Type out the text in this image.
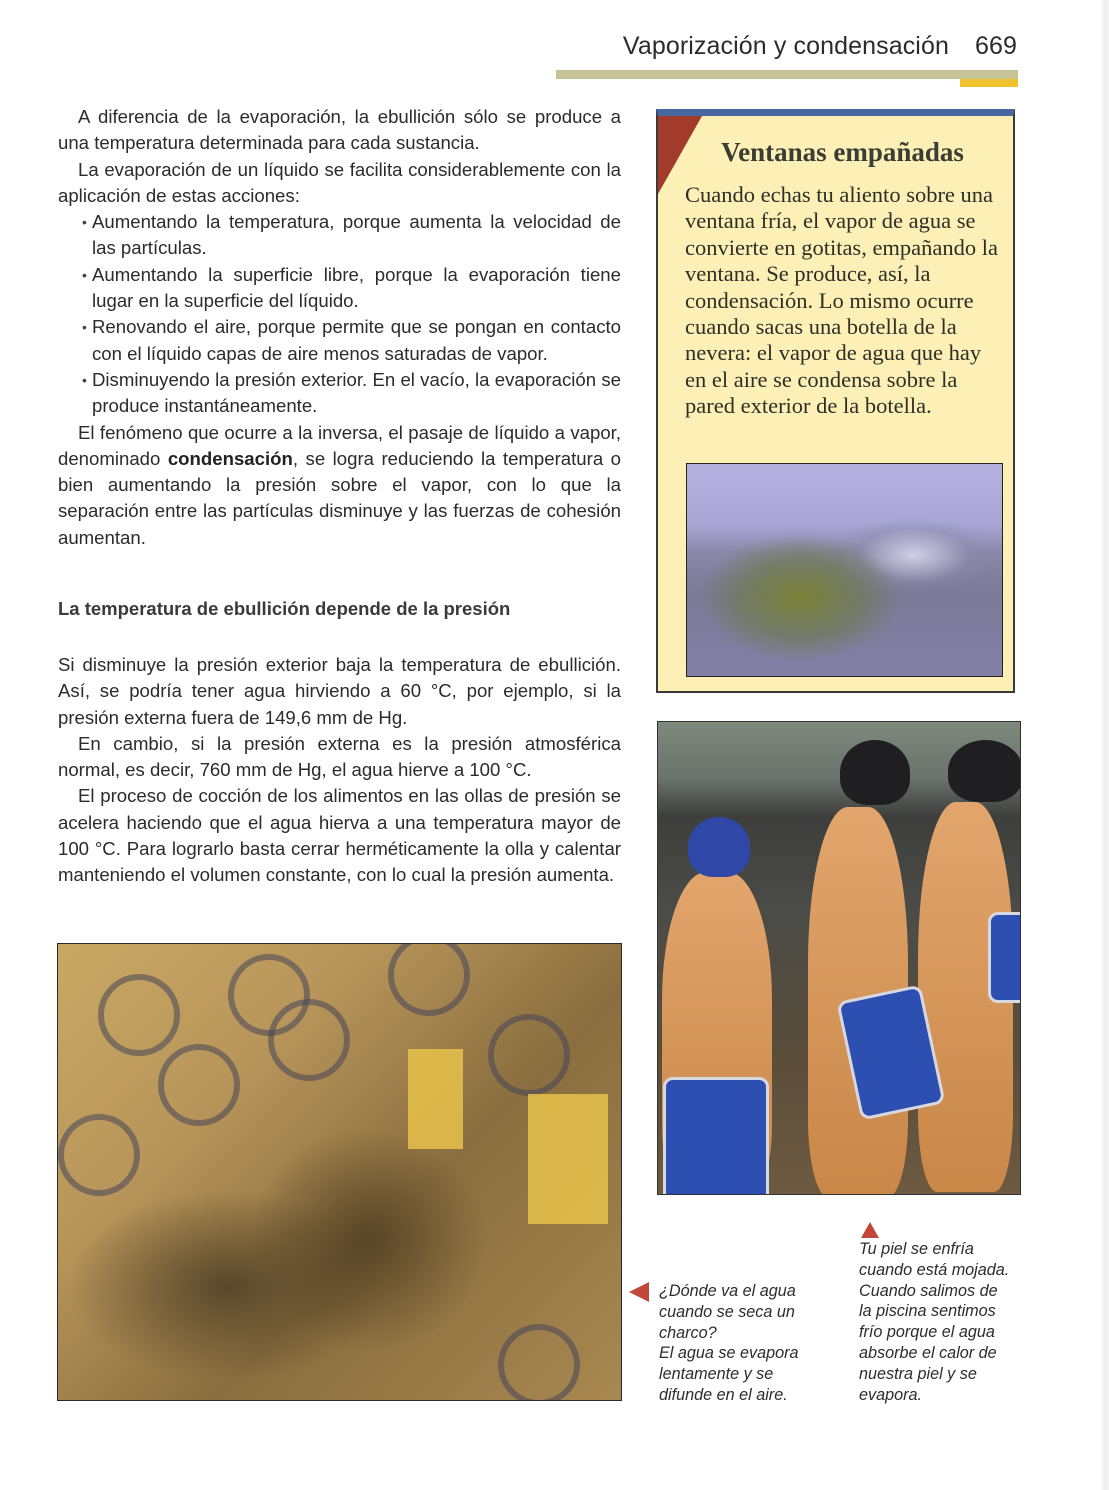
Vaporización y condensación 669

A diferencia de la evaporación, la ebullición sólo se produce a una temperatura determinada para cada sustancia.

La evaporación de un líquido se facilita considerablemente con la aplicación de estas acciones:

• Aumentando la temperatura, porque aumenta la velocidad de las partículas.
• Aumentando la superficie libre, porque la evaporación tiene lugar en la superficie del líquido.
• Renovando el aire, porque permite que se pongan en contacto con el líquido capas de aire menos saturadas de vapor.
• Disminuyendo la presión exterior. En el vacío, la evaporación se produce instantáneamente.

El fenómeno que ocurre a la inversa, el pasaje de líquido a vapor, denominado condensación, se logra reduciendo la temperatura o bien aumentando la presión sobre el vapor, con lo que la separación entre las partículas disminuye y las fuerzas de cohesión aumentan.

La temperatura de ebullición depende de la presión

Si disminuye la presión exterior baja la temperatura de ebullición. Así, se podría tener agua hirviendo a 60 °C, por ejemplo, si la presión externa fuera de 149,6 mm de Hg.

En cambio, si la presión externa es la presión atmosférica normal, es decir, 760 mm de Hg, el agua hierve a 100 °C.

El proceso de cocción de los alimentos en las ollas de presión se acelera haciendo que el agua hierva a una temperatura mayor de 100 °C. Para lograrlo basta cerrar herméticamente la olla y calentar manteniendo el volumen constante, con lo cual la presión aumenta.

Ventanas empañadas
Cuando echas tu aliento sobre una ventana fría, el vapor de agua se convierte en gotitas, empañando la ventana. Se produce, así, la condensación. Lo mismo ocurre cuando sacas una botella de la nevera: el vapor de agua que hay en el aire se condensa sobre la pared exterior de la botella.
¿Dónde va el agua
cuando se seca un
charco?
El agua se evapora
lentamente y se
difunde en el aire.
Tu piel se enfría
cuando está mojada.
Cuando salimos de
la piscina sentimos
frío porque el agua
absorbe el calor de
nuestra piel y se
evapora.
